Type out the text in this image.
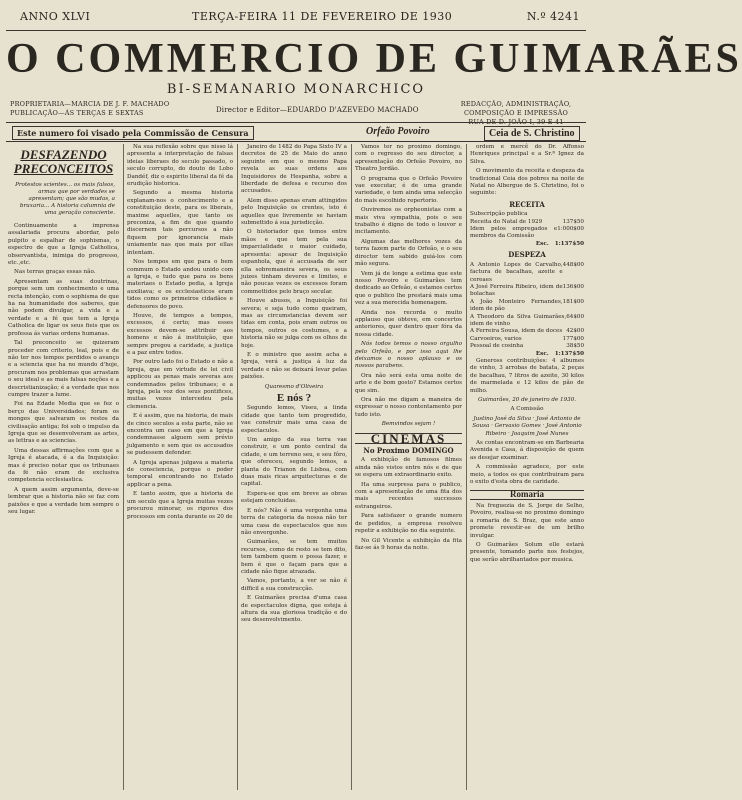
ANNO XLVI	TERÇA-FEIRA 11 DE FEVEREIRO DE 1930	N.º 4241
O COMMERCIO DE GUIMARÃES
BI-SEMANARIO MONARCHICO
PROPRIETARIA—MARCIA DE J. F. MACHADO
PUBLICAÇÃO—ÁS TERÇAS E SEXTAS	Director e Editor—EDUARDO D'AZEVEDO MACHADO
REDACÇÃO, ADMINISTRAÇÃO, COMPOSIÇÃO E IMPRESSÃO
RUA DE D. JOÃO I, 39 E 41
Este numero foi visado pela Commissão de Censura	Orfeão Povoiro	Ceia de S. Christino
DESFAZENDO PRECONCEITOS
Protestos scientes... os mais falsos, armas que por verdades se apresentam; que são mudas, a bruxaria... A historia calumnia de uma geração consciente.

Continuamente a imprensa assalariada procura abordar, pelo pulpito e espalhar de sophismas, o espectro de que a Igreja Catholica, observantista, inimiga do progresso, etc.,etc.

Nas terras graças essas não.

Apresentam as suas doutrinas, porque sem um conhecimento e uma recta intenção, com o sophisma de que ha na humanidade dos saberes, que não podem divulgar, a vida e a verdade e a fé que tem a Igreja Catholica de ligar os seus fieis que os professa ás varias ordens humanas.

Tal preconceito se quizeram proceder com criterio, leal, pois e de não ter nos tempos perdidos o avanço e a sciencia que ha no mundo d'hoje, procuram nos problemas que arrastam o seu ideal e as mais falsas noções e a descristianização; é a verdade que nos cumpre trazer a lume.

Foi na Edade Media que se fez o berço das Universidades; foram os monges que salvaram os restos da civilisação antiga; foi sob o impulso da Igreja que se desenvolveram as artes, as lettras e as sciencias.

Uma dessas affirmações com que a Igreja é atacada, é a da Inquisição: mas é preciso notar que os tribunaes da fé não eram de exclusiva competencia ecclesiastica.

A quem assim argumenta, deve-se lembrar que a historia não se faz com paixões e que a verdade tem sempre o seu lugar.

Na sua reflexão sobre que nisso lá apresenta a interpretação de falsas ideias liberaes do seculo passado, o seculo corrupto, do douto de Lobo Dandéf, diz o espirito liberal da fé da erudição historica.

Segundo a mesma historia explanam-nos o conhecimento e a constituição deste, para os liberais, maxime aquelles, que tanto os preconiza, a fim de que quando discernem tais percursos a não fiquem por ignorancia mais uniamente nas que mais por ellas intentam.

Nos tempos em que para o bem commum o Estado andou unido com a Igreja, e tudo que para os bens materiaes o Estado pedia, a Igreja auxiliava; e os ecclesiasticos eram tidos como os primeiros cidadãos e defensores do povo.

Houve, de tempos a tempos, excessos, é certo; mas esses excessos devem-se attribuir aos homens e não á instituição, que sempre pregou a caridade, a justiça e a paz entre todos.

Por outro lado foi o Estado e não a Igreja, que em virtude de lei civil applicou as penas mais severas aos condemnados pelos tribunaes; e a Igreja, pela voz dos seus pontifices, muitas vezes intercedeu pela clemencia.

E é assim, que na historia, de mais de cinco seculos a esta parte, não se encontra um caso em que a Igreja condemnasse alguem sem prévio julgamento e sem que os accusados se pudessem defender.

A Igreja apenas julgava a materia de consciencia, porque o poder temporal encontrando no Estado applicar a pena.

E tanto assim, que a historia de um seculo que a Igreja muitas vezes procurou minorar, os rigores dos processos em conta durante os 20 de

Janeiro de 1482 do Papa Sixto IV a decretos de 25 de Maio do anno seguinte em que o mesmo Papa revela as suas ordens aos Inquisidores de Hespanha, sobre a liberdade de defesa e recurso dos accusados.

Alem disso apenas eram attingidos pelo Inquisição os crentes, isto é aquelles que livremente se haviam submettido á sua jurisdicção.

O historiador que temos entre mãos e que tem pela sua imparcialidade o maior cuidado, apresenta: apesar de Inquisição espanhola, que é accusada de ser ella sobremaneira severa, os seus juizes tinham deveres e limites, e não poucas vezes os excessos foram commettidos pelo braço secular.

Houve abusos, a Inquisição foi severa; e seja tudo como queiram, mas as circumstancias devem ser tidas em conta, pois eram outros os tempos, outros os costumes, e a historia não se julga com os olhos de hoje.

E o ministro que assim acha a Igreja, verá a justiça á luz da verdade e não se deixará levar pelas paixões.

Quaresmo d'Oliveira
E nós ?

Segundo lemos, Viseu, a linda cidade que tanto tem progredido, vae construir mais uma casa de espectaculos.

Um amigo da sua terra vae construir, e um ponto central da cidade, e um terreno seu, e seu fôro, que ofereceu, segundo lemos, a planta do Trianon de Lisboa, com duas mais ricas arquitecturas e de capital.

Espera-se que em breve as obras estejam concluidas.

E nós? Não é uma vergonha uma terra de categoria da nossa não ter uma casa de espectaculos que nos não envergonhe.

Guimarães, se tem muitos recursos, como de resto se tem dito, tem tambem quem o possa fazer, e bem é que o façam para que a cidade não fique atrazada.

Vamos, portanto, a ver se não é difficil a sua construcção.

E Guimarães precisa d'uma casa de espectaculos digna, que esteja á altura da sua gloriosa tradição e do seu desenvolvimento.

Vamos ter no proximo domingo, com o regresso do seu director, a apresentação do Orfeão Povoiro, no Theatro Jordão.

O programa que o Orfeão Povoiro vae executar, é de uma grande variedade, e tem ainda uma selecção do mais escolhido repertorio.

Ouviremos os orpheonistas com a mais viva sympathia, pois o seu trabalho é digno de todo o louvor e incitamento.

Algumas das melhores vozes da terra fazem parte do Orfeão, e o seu director tem sabido guiá-los com mão segura.

Vem já de longe a estima que este nosso Povoiro e Guimarães tem dedicado ao Orfeão, e estamos certos que o publico lhe prestará mais uma vez a sua merecida homenagem.

Ainda nos recorda o muito applauso que obteve, em concertos anteriores, quer dentro quer fóra da nossa cidade.

Nós todos temos o nosso orgulho pelo Orfeão, e por isso aqui lhe deixamos o nosso aplauso e os nossos parabens.

Ora não será esta uma noite de arte e de bom gosto? Estamos certos que sim.

Ora não me digam a maneira de expressar o nosso contentamento por tudo isto.

Bemvindos sejam !
CINEMAS
No Proximo DOMINGO

A exhibição de famosos filmes ainda não vistos entre nós e de que se espera um extraordinario exito.

Ha uma surpresa para o publico, com a apresentação de uma fita dos mais recentes successos estrangeiros.

Para satisfazer o grande numero de pedidos, a empresa resolveu repetir a exhibição no dia seguinte.

No Gil Vicente a exhibição da fita faz-se ás 9 horas da noite.

ordem e mercê do Dr. Affonso Henriques principal e a Sr.ª Ignez da Silva.

O movimento da receita e despeza da tradicional Ceia dos pobres na noite de Natal no Albergue de S. Christino, foi o seguinte:

RECEITA
Subscripção publica
Receita do Natal de 1929	137$50
Idem pelos empregados e membros da Comissão
1:000$00
Esc.	1:137$50
DESPEZA
A Antonio Lopes de Carvalho, factura de bacalhau, azeite e cereaes
448$00
A José Ferreira Ribeiro, idem de bolachas
136$00
A João Monteiro Fernandes, idem de pão
181$00
A Theodoro da Silva Guimarães, idem de vinho
64$00
A Ferreira Sousa, idem de doces 42$00
Carvoeiros, varios	177$00
Pessoal de cosinha	38$50
Esc.	1:137$50

Geneross contribuições: 4 albumes de vinho, 3 arrobas de batata, 2 peças de bacalhau, 7 litros de azeite, 30 kilos de marmelada e 12 kilos de pão de milho.

Guimarães, 20 de janeiro de 1930.
A Comissão
Justino José da Silva · José Antonio de Sousa · Gervasio Gomes · José Antonio Ribeiro · Joaquim José Nunes

As contas encontram-se em Barbearia Avenida e Casa, á disposição de quem as desejar examinar.

A commissão agradece, por este meio, a todos os que contribuiram para o exito d'esta obra de caridade.

Romaria

Na freguezia de S. Jorge de Selho, Povoiro, realisa-se no proximo domingo a romaria de S. Braz, que este anno promete revestir-se de um brilho invulgar.

O Guimarães Solum elle estará presente, tomando parte nos festejos, que serão abrilhantados por musica.
